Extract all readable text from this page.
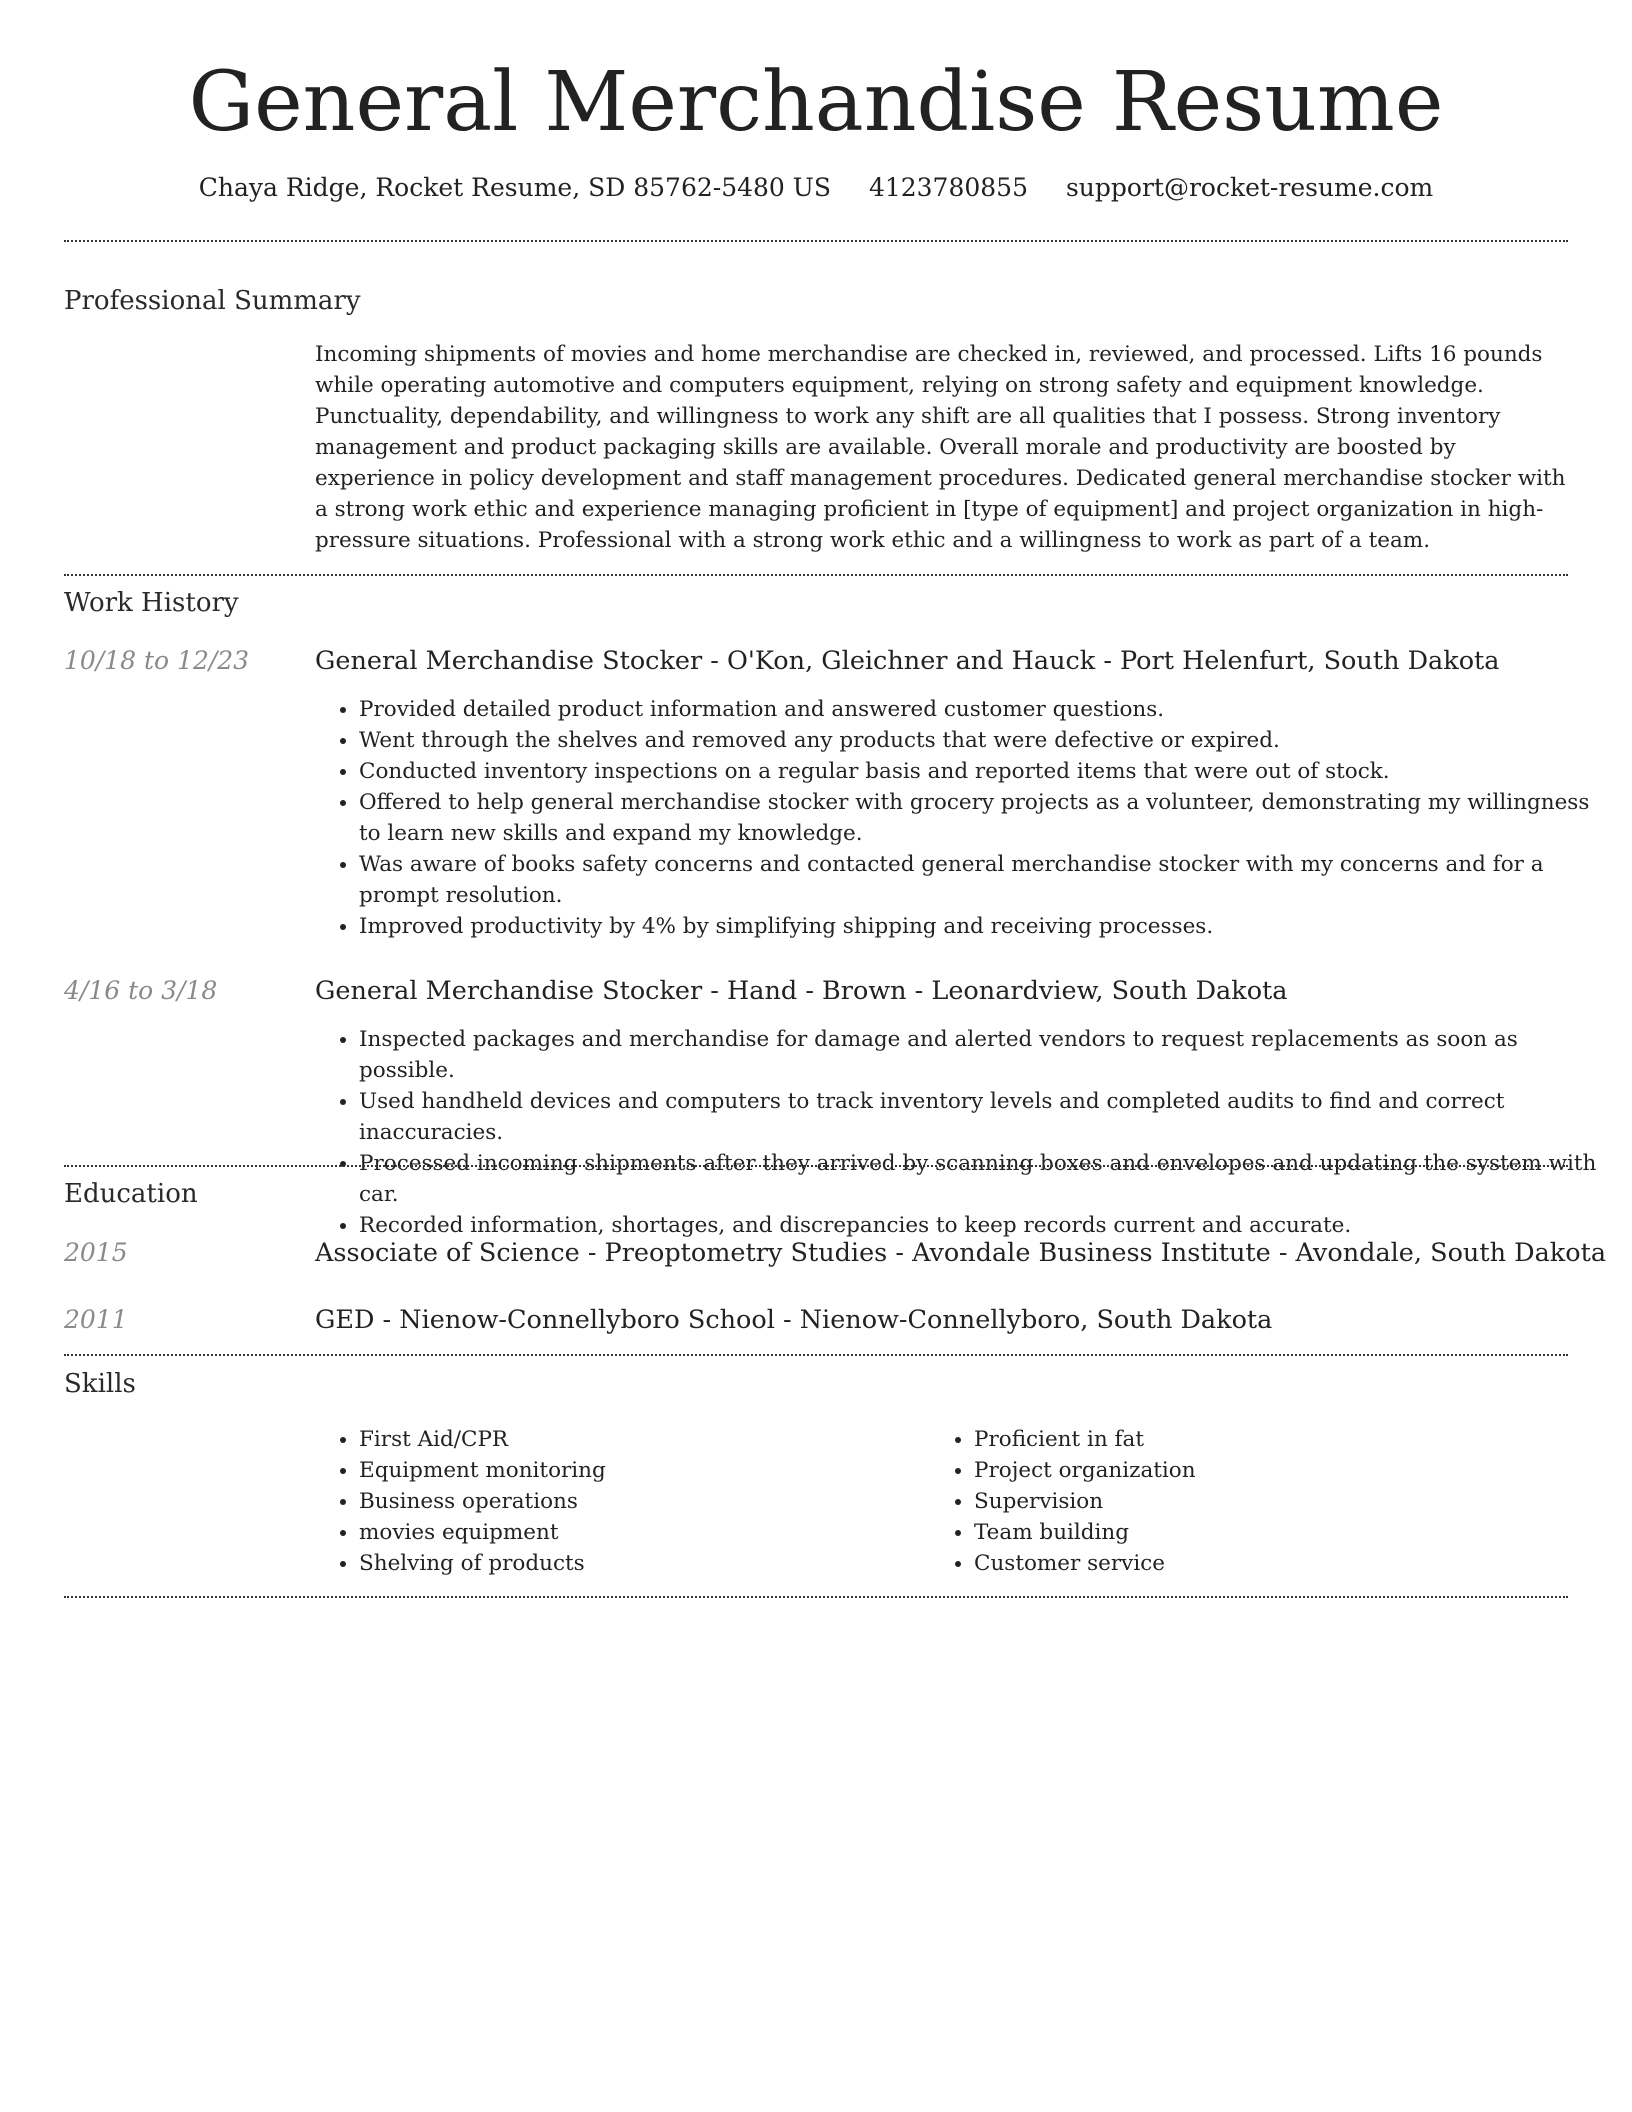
General Merchandise Resume
Chaya Ridge, Rocket Resume, SD 85762-5480 US 4123780855 support@rocket-resume.com
Professional Summary

Incoming shipments of movies and home merchandise are checked in, reviewed, and processed. Lifts 16 pounds while operating automotive and computers equipment, relying on strong safety and equipment knowledge. Punctuality, dependability, and willingness to work any shift are all qualities that I possess. Strong inventory management and product packaging skills are available. Overall morale and productivity are boosted by experience in policy development and staff management procedures. Dedicated general merchandise stocker with a strong work ethic and experience managing proficient in [type of equipment] and project organization in high-pressure situations. Professional with a strong work ethic and a willingness to work as part of a team.

Work History
10/18 to 12/23	General Merchandise Stocker - O'Kon, Gleichner and Hauck - Port Helenfurt, South Dakota
• Provided detailed product information and answered customer questions.
• Went through the shelves and removed any products that were defective or expired.
• Conducted inventory inspections on a regular basis and reported items that were out of stock.
• Offered to help general merchandise stocker with grocery projects as a volunteer, demonstrating my willingness to learn new skills and expand my knowledge.
• Was aware of books safety concerns and contacted general merchandise stocker with my concerns and for a prompt resolution.
• Improved productivity by 4% by simplifying shipping and receiving processes.
4/16 to 3/18	General Merchandise Stocker - Hand - Brown - Leonardview, South Dakota
• Inspected packages and merchandise for damage and alerted vendors to request replacements as soon as possible.
• Used handheld devices and computers to track inventory levels and completed audits to find and correct inaccuracies.
• Processed incoming shipments after they arrived by scanning boxes and envelopes and updating the system with car.
• Recorded information, shortages, and discrepancies to keep records current and accurate.
Education
2015	Associate of Science - Preoptometry Studies - Avondale Business Institute - Avondale, South Dakota
2011	GED - Nienow-Connellyboro School - Nienow-Connellyboro, South Dakota
Skills
• First Aid/CPR
• Equipment monitoring
• Business operations
• movies equipment
• Shelving of products
• Proficient in fat
• Project organization
• Supervision
• Team building
• Customer service
